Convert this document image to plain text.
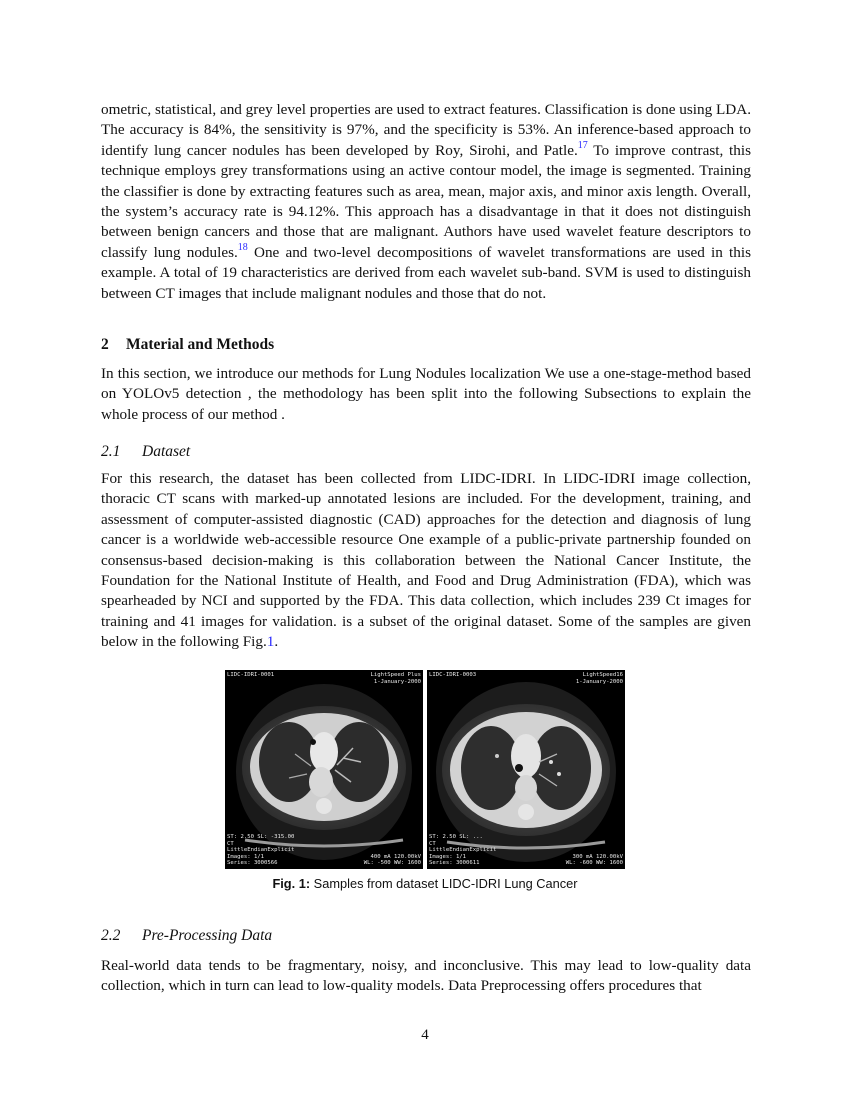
ometric, statistical, and grey level properties are used to extract features. Classification is done using LDA. The accuracy is 84%, the sensitivity is 97%, and the specificity is 53%. An inference-based approach to identify lung cancer nodules has been developed by Roy, Sirohi, and Patle.$^{17}$ To improve contrast, this technique employs grey transformations using an active contour model, the image is segmented. Training the classifier is done by extracting features such as area, mean, major axis, and minor axis length. Overall, the system’s accuracy rate is 94.12%. This approach has a disadvantage in that it does not distinguish between benign cancers and those that are malignant. Authors have used wavelet feature descriptors to classify lung nodules.$^{18}$ One and two-level decompositions of wavelet transformations are used in this example. A total of 19 characteristics are derived from each wavelet sub-band. SVM is used to distinguish between CT images that include malignant nodules and those that do not.

2 Material and Methods

In this section, we introduce our methods for Lung Nodules localization We use a one-stage-method based on YOLOv5 detection , the methodology has been split into the following Subsections to explain the whole process of our method .

2.1 Dataset

For this research, the dataset has been collected from LIDC-IDRI. In LIDC-IDRI image collection, thoracic CT scans with marked-up annotated lesions are included. For the development, training, and assessment of computer-assisted diagnostic (CAD) approaches for the detection and diagnosis of lung cancer is a worldwide web-accessible resource One example of a public-private partnership founded on consensus-based decision-making is this collaboration between the National Cancer Institute, the Foundation for the National Institute of Health, and Food and Drug Administration (FDA), which was spearheaded by NCI and supported by the FDA. This data collection, which includes 239 Ct images for training and 41 images for validation. is a subset of the original dataset. Some of the samples are given below in the following Fig.1.

LIDC-IDRI-0001	LightSpeed Plus
1-January-2000
ST: 2.50 SL: -315.00
CT
LittleEndianExplicit
Images: 1/1
Series: 3000566
400 mA 120.00kV
WL: -500 WW: 1600
LIDC-IDRI-0003	LightSpeed16
1-January-2000
ST: 2.50 SL: ...
CT
LittleEndianExplicit
Images: 1/1
Series: 3000611
300 mA 120.00kV
WL: -600 WW: 1600
Fig. 1: Samples from dataset LIDC-IDRI Lung Cancer
2.2 Pre-Processing Data

Real-world data tends to be fragmentary, noisy, and inconclusive. This may lead to low-quality data collection, which in turn can lead to low-quality models. Data Preprocessing offers procedures that

4
